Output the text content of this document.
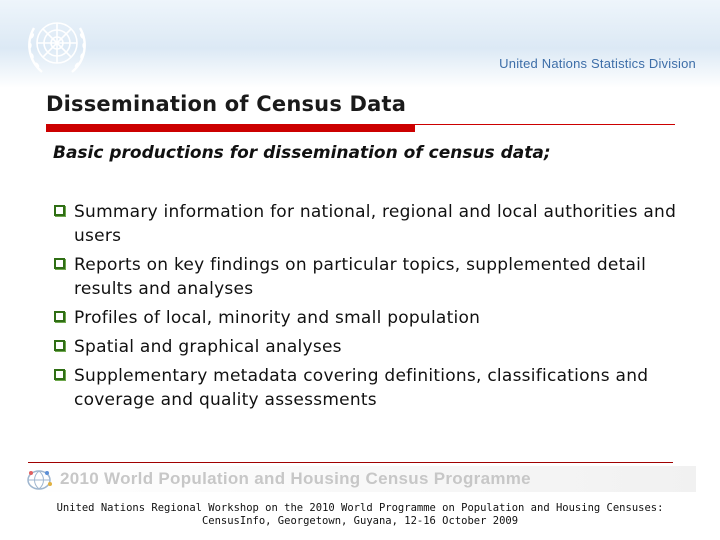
United Nations Statistics Division
Dissemination of Census Data
Basic productions for dissemination of census data;
Summary information for national, regional and local authorities and users
Reports on key findings on particular topics, supplemented detail results and analyses
Profiles of local, minority and small population
Spatial and graphical analyses
Supplementary metadata covering definitions, classifications and coverage and quality assessments
2010 World Population and Housing Census Programme
United Nations Regional Workshop on the 2010 World Programme on Population and Housing Censuses:
CensusInfo, Georgetown, Guyana, 12-16 October 2009
